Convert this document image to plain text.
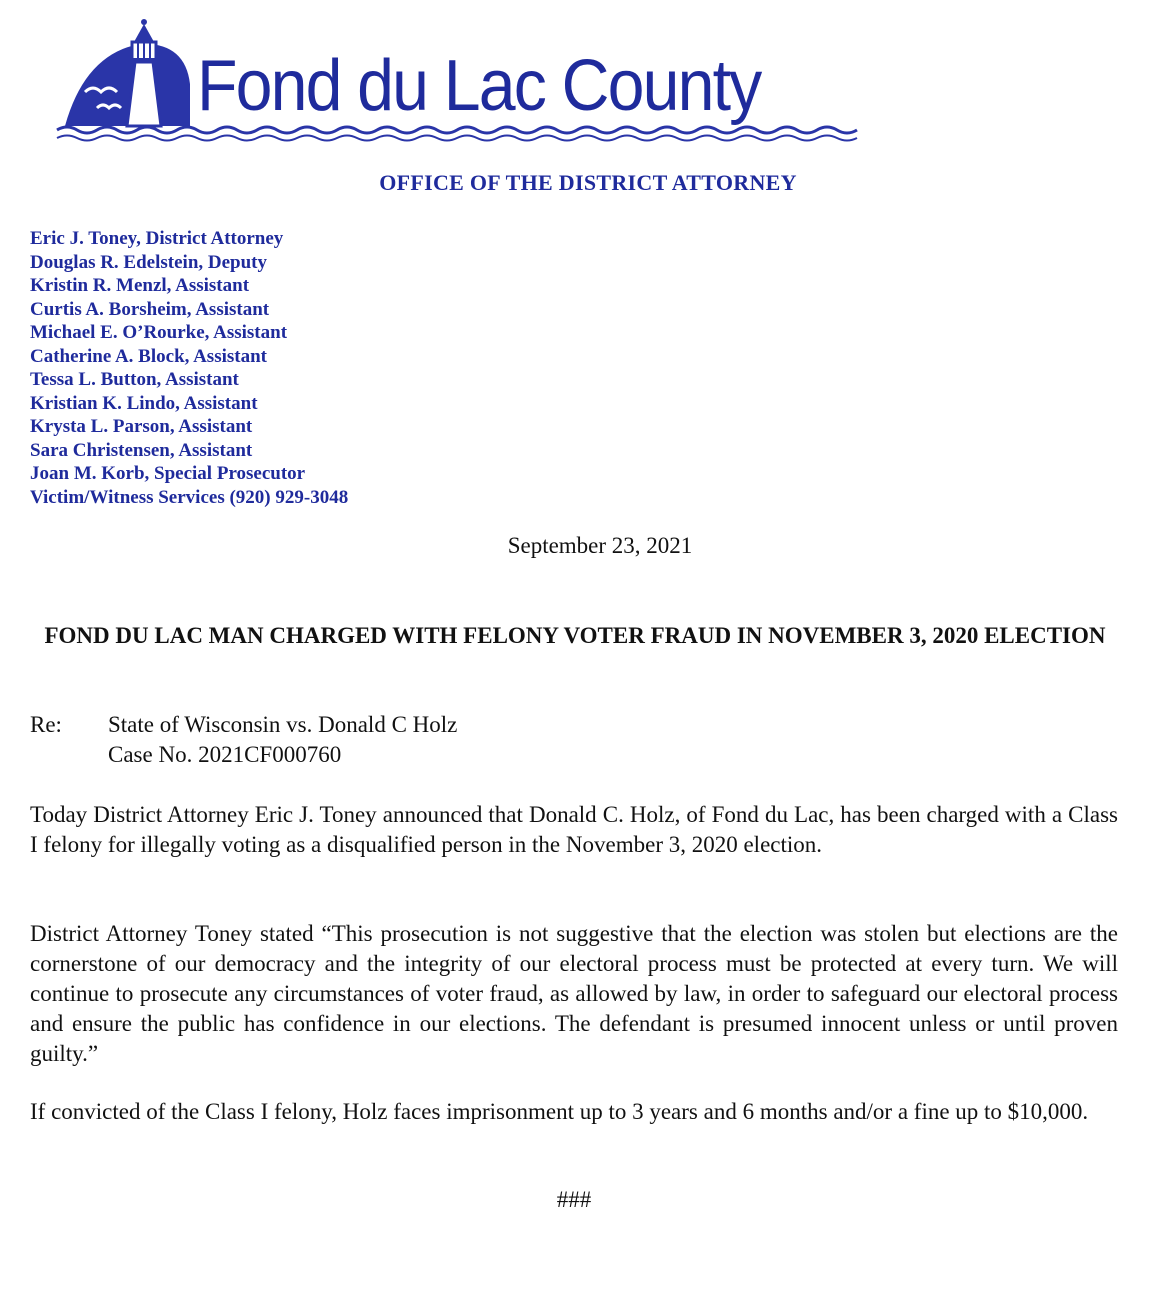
Fond du Lac County
OFFICE OF THE DISTRICT ATTORNEY
Eric J. Toney, District Attorney
Douglas R. Edelstein, Deputy
Kristin R. Menzl, Assistant
Curtis A. Borsheim, Assistant
Michael E. O’Rourke, Assistant
Catherine A. Block, Assistant
Tessa L. Button, Assistant
Kristian K. Lindo, Assistant
Krysta L. Parson, Assistant
Sara Christensen, Assistant
Joan M. Korb, Special Prosecutor
Victim/Witness Services (920) 929-3048
September 23, 2021
FOND DU LAC MAN CHARGED WITH FELONY VOTER FRAUD IN NOVEMBER 3, 2020 ELECTION
Re: State of Wisconsin vs. Donald C Holz
Case No. 2021CF000760

Today District Attorney Eric J. Toney announced that Donald C. Holz, of Fond du Lac, has been charged with a Class I felony for illegally voting as a disqualified person in the November 3, 2020 election.

District Attorney Toney stated “This prosecution is not suggestive that the election was stolen but elections are the cornerstone of our democracy and the integrity of our electoral process must be protected at every turn. We will continue to prosecute any circumstances of voter fraud, as allowed by law, in order to safeguard our electoral process and ensure the public has confidence in our elections. The defendant is presumed innocent unless or until proven guilty.”

If convicted of the Class I felony, Holz faces imprisonment up to 3 years and 6 months and/or a fine up to $10,000.

###
